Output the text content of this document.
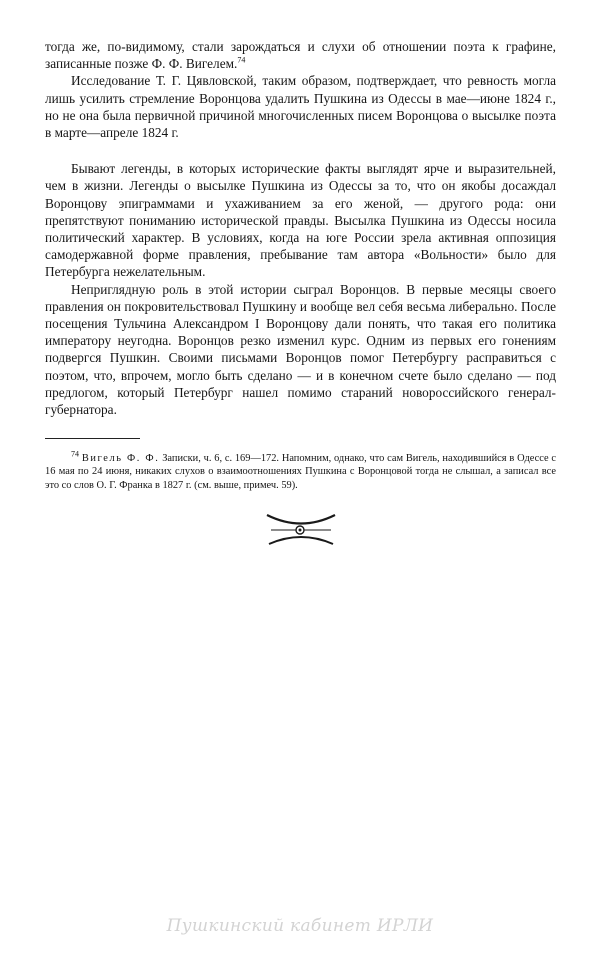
тогда же, по-видимому, стали зарождаться и слухи об отношении поэта к графине, записанные позже Ф. Ф. Вигелем.$^{74}$

Исследование Т. Г. Цявловской, таким образом, подтверждает, что ревность могла лишь усилить стремление Воронцова удалить Пушкина из Одессы в мае—июне 1824 г., но не она была первичной причиной многочисленных писем Воронцова о высылке поэта в марте—апреле 1824 г.

Бывают легенды, в которых исторические факты выглядят ярче и выразительней, чем в жизни. Легенды о высылке Пушкина из Одессы за то, что он якобы досаждал Воронцову эпиграммами и ухаживанием за его женой, — другого рода: они препятствуют пониманию исторической правды. Высылка Пушкина из Одессы носила политический характер. В условиях, когда на юге России зрела активная оппозиция самодержавной форме правления, пребывание там автора «Вольности» было для Петербурга нежелательным.

Неприглядную роль в этой истории сыграл Воронцов. В первые месяцы своего правления он покровительствовал Пушкину и вообще вел себя весьма либерально. После посещения Тульчина Александром I Воронцову дали понять, что такая его политика императору неугодна. Воронцов резко изменил курс. Одним из первых его гонениям подвергся Пушкин. Своими письмами Воронцов помог Петербургу расправиться с поэтом, что, впрочем, могло быть сделано — и в конечном счете было сделано — под предлогом, который Петербург нашел помимо стараний новороссийского генерал-губернатора.

$^{74}$ Вигель Ф. Ф. Записки, ч. 6, с. 169—172. Напомним, однако, что сам Вигель, находившийся в Одессе с 16 мая по 24 июня, никаких слухов о взаимоотношениях Пушкина с Воронцовой тогда не слышал, а записал все это со слов О. Г. Франка в 1827 г. (см. выше, примеч. 59).

Пушкинский кабинет ИРЛИ
